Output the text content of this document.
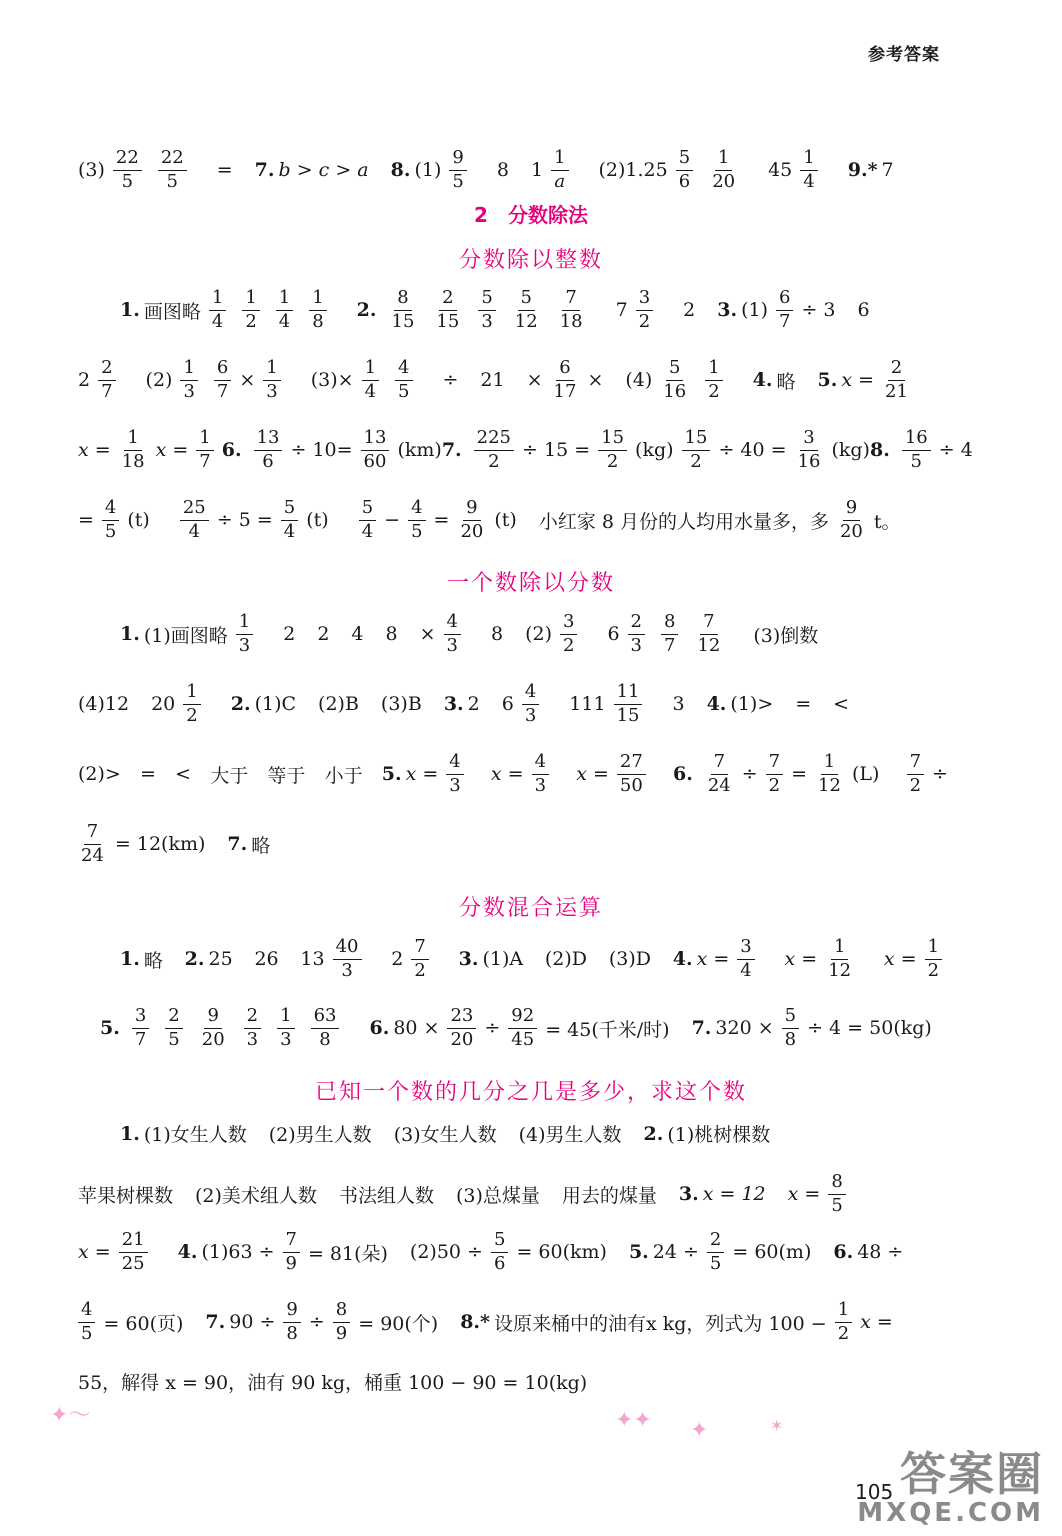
参考答案
$(3) \frac{22}{5} \frac{22}{5} = 7$. b > c > a 8. $(1) \frac{9}{5} 8$ $1 \frac{1}{a} (2)$ $1.25 \frac{5}{6} \frac{1}{20} 45 \frac{1}{4} 9.*$ 7
2　分数除法
分数除以整数
1. 画图略 $\frac{1}{4} \frac{1}{2} \frac{1}{4} \frac{1}{8} 2$. $\frac{8}{15} \frac{2}{15} \frac{5}{3} \frac{5}{12} \frac{7}{18} 7 \frac{3}{2} 2$ 3. $(1) \frac{6}{7} \div 3$ 6
$2 \frac{2}{7} (2) \frac{1}{3} \frac{6}{7} \times \frac{1}{3} (3)\times \frac{1}{4} \frac{4}{5} \div 21 \times \frac{6}{17} \times (4) \frac{5}{16} \frac{1}{2} 4$. 略 5. $x = \frac{2}{21}$
$x = \frac{1}{18}$ $x = \frac{1}{7} 6$. $\frac{13}{6} \div 10= \frac{13}{60} (km)$ 7. $\frac{225}{2} \div 15 = \frac{15}{2} (kg) \frac{15}{2} \div 40 = \frac{3}{16} (kg)$ 8. $\frac{16}{5} \div 4$
= $\frac{4}{5} (t) \frac{25}{4} \div 5 = \frac{5}{4} (t) \frac{5}{4} - \frac{4}{5} = \frac{9}{20} (t)$ 小红家 8 月份的人均用水量多，多 $\frac{9}{20}$ t。
一个数除以分数
1. (1)画图略 $\frac{1}{3} 2$ 2 4 $8 \times \frac{4}{3} 8$ $(2) \frac{3}{2} 6 \frac{2}{3} \frac{8}{7} \frac{7}{12} (3)$倒数
(4)12 $20 \frac{1}{2} 2$. (1)C (2)B (3)B 3. 2 $6 \frac{4}{3} 111 \frac{11}{15} 3$ 4. (1)> = <
(2)> = < 大于 等于 小于 5. $x = \frac{4}{3}$ $x = \frac{4}{3}$ $x = \frac{27}{50} 6$. $\frac{7}{24} \div \frac{7}{2} = \frac{1}{12} (L) \frac{7}{2}$ ÷
$\frac{7}{24} = 12(km)$ 7. 略
分数混合运算
1. 略 2. 25 26 $13 \frac{40}{3} 2 \frac{7}{2} 3$. (1)A (2)D (3)D 4. $x = \frac{3}{4}$ $x = \frac{1}{12}$ $x = \frac{1}{2}$
5. $\frac{3}{7} \frac{2}{5} \frac{9}{20} \frac{2}{3} \frac{1}{3} \frac{63}{8} 6$. $80 \times \frac{23}{20} \div \frac{92}{45} = 45$(千米/时) 7. $320 \times \frac{5}{8} \div 4 = 50(kg)$
已知一个数的几分之几是多少，求这个数
1. (1)女生人数 (2)男生人数 (3)女生人数 (4)男生人数 2. (1)桃树棵数
苹果树棵数 (2)美术组人数 书法组人数 (3)总煤量 用去的煤量 3. x = 12 $x = \frac{8}{5}$
$x = \frac{21}{25} 4$. $(1)63 \div \frac{7}{9} = 81$(朵) $(2)50 \div \frac{5}{6} = 60(km)$ 5. $24 \div \frac{2}{5} = 60(m)$ 6. 48 ÷
$\frac{4}{5} = 60$(页) 7. $90 \div \frac{9}{8} \div \frac{8}{9} = 90$(个) 8.* 设原来桶中的油有 x kg，列式为 $100 - \frac{1}{2}$ x =
55，解得 x = 90，油有 90 kg，桶重 100 − 90 = 10(kg)
✦～	✦✦ ✦	✶
105 答案圈
MXQE.COM
